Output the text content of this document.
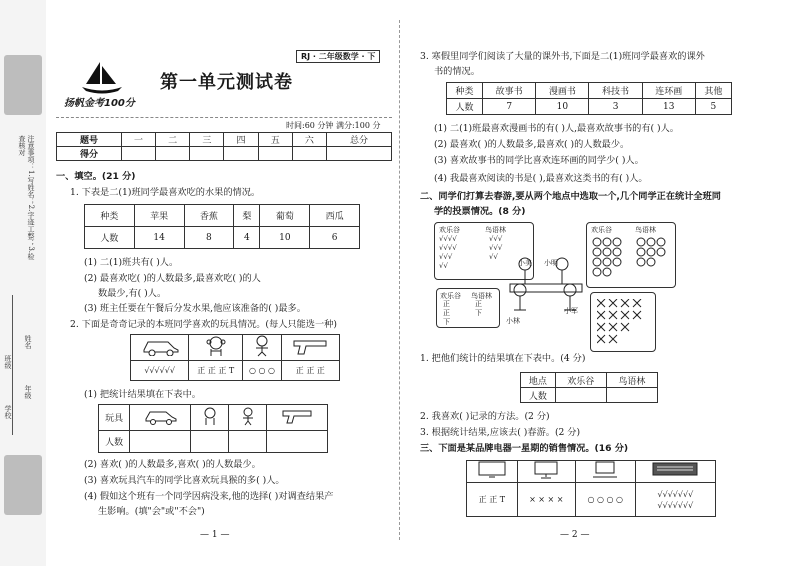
注意事项：1.写姓名；2.字迹工整；3.检查核对
学校
班级
年级
姓名
扬帆金考100分
第一单元测试卷
RJ · 二年级数学 · 下
时间:60 分钟 满分:100 分
题号	一	二	三	四	五	六	总分
得分							
一、填空。(21 分)
1. 下表是二(1)班同学最喜欢吃的水果的情况。
种类	苹果	香蕉	梨	葡萄	西瓜
人数	14	8	4	10	6
(1) 二(1)班共有( )人。
(2) 最喜欢吃( )的人数最多,最喜欢吃( )的人
数最少,有( )人。
(3) 班主任要在午餐后分发水果,他应该准备的( )最多。
2. 下面是奇奇记录的本班同学喜欢的玩具情况。(每人只能选一种)

√√√√√√	正 正 正 T	○ ○ ○	正 正 正
(1) 把统计结果填在下表中。
玩具				
人数				
(2) 喜欢( )的人数最多,喜欢( )的人数最少。
(3) 喜欢玩具汽车的同学比喜欢玩具猴的多( )人。
(4) 假如这个班有一个同学因病没来,他的选择( )对调查结果产
生影响。(填"会"或"不会")
— 1 —
3. 寒假里同学们阅读了大量的课外书,下面是二(1)班同学最喜欢的课外
书的情况。
种类	故事书	漫画书	科技书	连环画	其他
人数	7	10	3	13	5
(1) 二(1)班最喜欢漫画书的有( )人,最喜欢故事书的有( )人。
(2) 最喜欢( )的人数最多,最喜欢( )的人数最少。
(3) 喜欢故事书的同学比喜欢连环画的同学少( )人。
(4) 我最喜欢阅读的书是( ),最喜欢这类书的有( )人。
二、同学们打算去春游,要从两个地点中选取一个,几个同学正在统计全班同
学的投票情况。(8 分)
欢乐谷	鸟语林
√√√√
√√√√
√√√
√√
√√√
√√√
√√
欢乐谷 鸟语林
正
正
下
正
下
小美 小明
小林
小军
欢乐谷	鸟语林
1. 把他们统计的结果填在下表中。(4 分)
地点	欢乐谷	鸟语林
人数		
2. 我喜欢( )记录的方法。(2 分)
3. 根据统计结果,应该去( )春游。(2 分)
三、下面是某品牌电器一星期的销售情况。(16 分)

正 正 T	× × × ×	○ ○ ○ ○	√√√√√√√
√√√√√√√
— 2 —
